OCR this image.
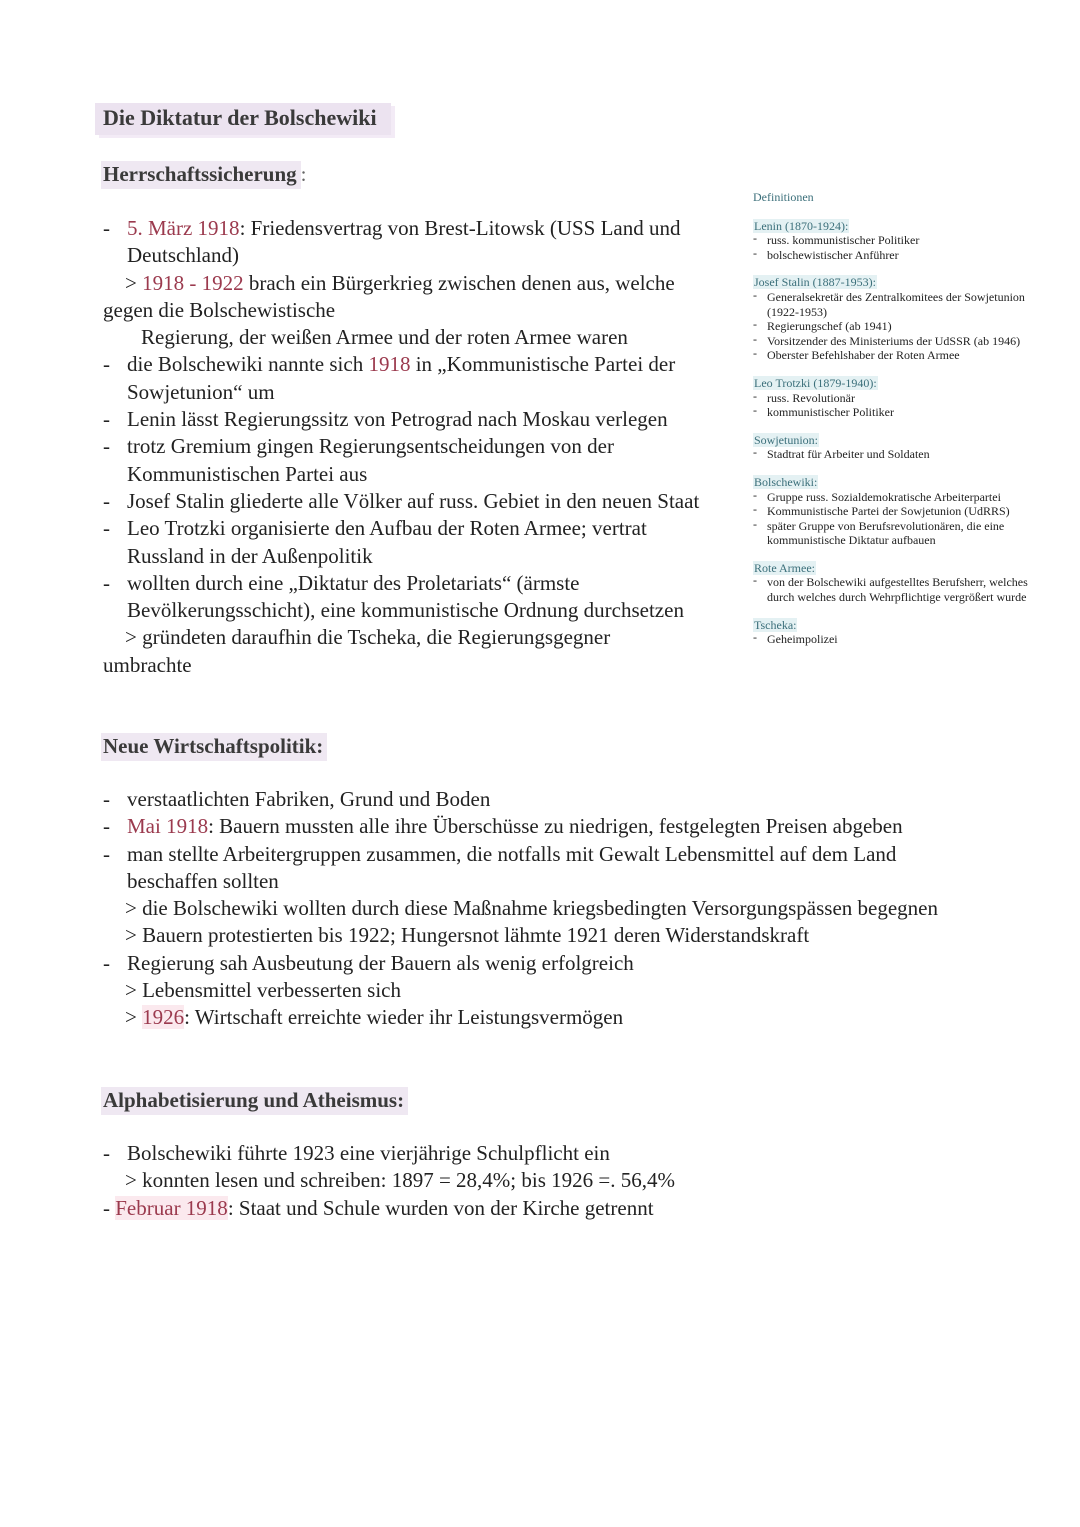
Die Diktatur der Bolschewiki
Herrschaftssicherung :
- 5. März 1918: Friedensvertrag von Brest-Litowsk (USS Land und
Deutschland)
> 1918 - 1922 brach ein Bürgerkrieg zwischen denen aus, welche
gegen die Bolschewistische
Regierung, der weißen Armee und der roten Armee waren
- die Bolschewiki nannte sich 1918 in „Kommunistische Partei der
Sowjetunion“ um
- Lenin lässt Regierungssitz von Petrograd nach Moskau verlegen
- trotz Gremium gingen Regierungsentscheidungen von der
Kommunistischen Partei aus
- Josef Stalin gliederte alle Völker auf russ. Gebiet in den neuen Staat
- Leo Trotzki organisierte den Aufbau der Roten Armee; vertrat
Russland in der Außenpolitik
- wollten durch eine „Diktatur des Proletariats“ (ärmste
Bevölkerungsschicht), eine kommunistische Ordnung durchsetzen
> gründeten daraufhin die Tscheka, die Regierungsgegner
umbrachte
Definitionen
Lenin (1870-1924):
- russ. kommunistischer Politiker
- bolschewistischer Anführer
Josef Stalin (1887-1953):
- Generalsekretär des Zentralkomitees der Sowjetunion
(1922-1953)
- Regierungschef (ab 1941)
- Vorsitzender des Ministeriums der UdSSR (ab 1946)
- Oberster Befehlshaber der Roten Armee
Leo Trotzki (1879-1940):
- russ. Revolutionär
- kommunistischer Politiker
Sowjetunion:
- Stadtrat für Arbeiter und Soldaten
Bolschewiki:
- Gruppe russ. Sozialdemokratische Arbeiterpartei
- Kommunistische Partei der Sowjetunion (UdRRS)
- später Gruppe von Berufsrevolutionären, die eine
kommunistische Diktatur aufbauen
Rote Armee:
- von der Bolschewiki aufgestelltes Berufsherr, welches
durch welches durch Wehrpflichtige vergrößert wurde
Tscheka:
- Geheimpolizei
Neue Wirtschaftspolitik:
- verstaatlichten Fabriken, Grund und Boden
- Mai 1918: Bauern mussten alle ihre Überschüsse zu niedrigen, festgelegten Preisen abgeben
- man stellte Arbeitergruppen zusammen, die notfalls mit Gewalt Lebensmittel auf dem Land
beschaffen sollten
> die Bolschewiki wollten durch diese Maßnahme kriegsbedingten Versorgungspässen begegnen
> Bauern protestierten bis 1922; Hungersnot lähmte 1921 deren Widerstandskraft
- Regierung sah Ausbeutung der Bauern als wenig erfolgreich
> Lebensmittel verbesserten sich
> 1926: Wirtschaft erreichte wieder ihr Leistungsvermögen
Alphabetisierung und Atheismus:
- Bolschewiki führte 1923 eine vierjährige Schulpflicht ein
> konnten lesen und schreiben: 1897 = 28,4%; bis 1926 =. 56,4%
- Februar 1918: Staat und Schule wurden von der Kirche getrennt
